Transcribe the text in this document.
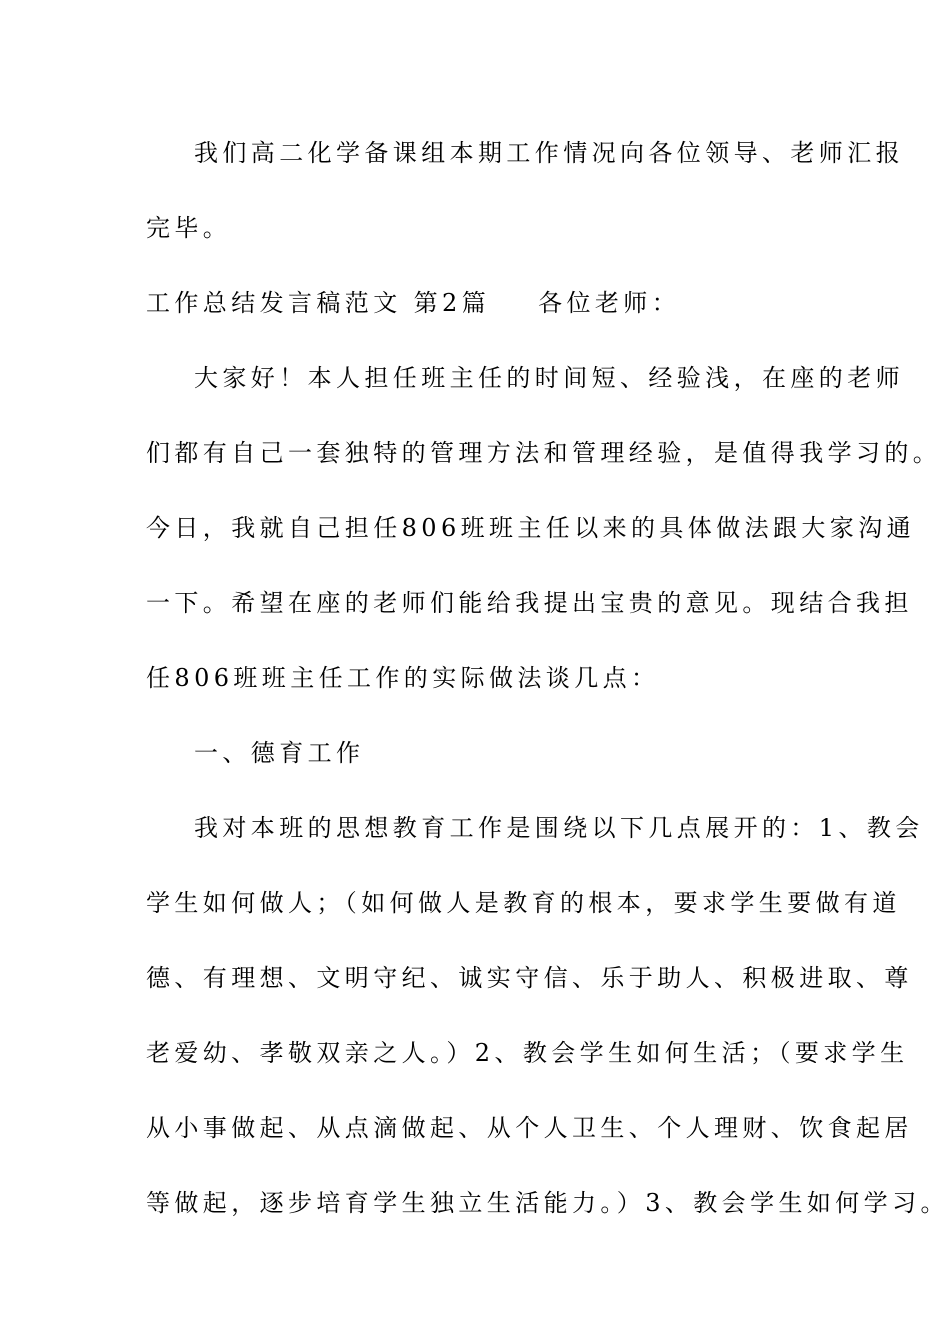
我们高二化学备课组本期工作情况向各位领导、老师汇报
完毕。
工作总结发言稿范文 第2篇 各位老师：
大家好！本人担任班主任的时间短、经验浅，在座的老师
们都有自己一套独特的管理方法和管理经验，是值得我学习的。
今日，我就自己担任806班班主任以来的具体做法跟大家沟通
一下。希望在座的老师们能给我提出宝贵的意见。现结合我担
任806班班主任工作的实际做法谈几点：
一、德育工作
我对本班的思想教育工作是围绕以下几点展开的：1、教会
学生如何做人；（如何做人是教育的根本，要求学生要做有道
德、有理想、文明守纪、诚实守信、乐于助人、积极进取、尊
老爱幼、孝敬双亲之人。）2、教会学生如何生活；（要求学生
从小事做起、从点滴做起、从个人卫生、个人理财、饮食起居
等做起，逐步培育学生独立生活能力。）3、教会学生如何学习。
